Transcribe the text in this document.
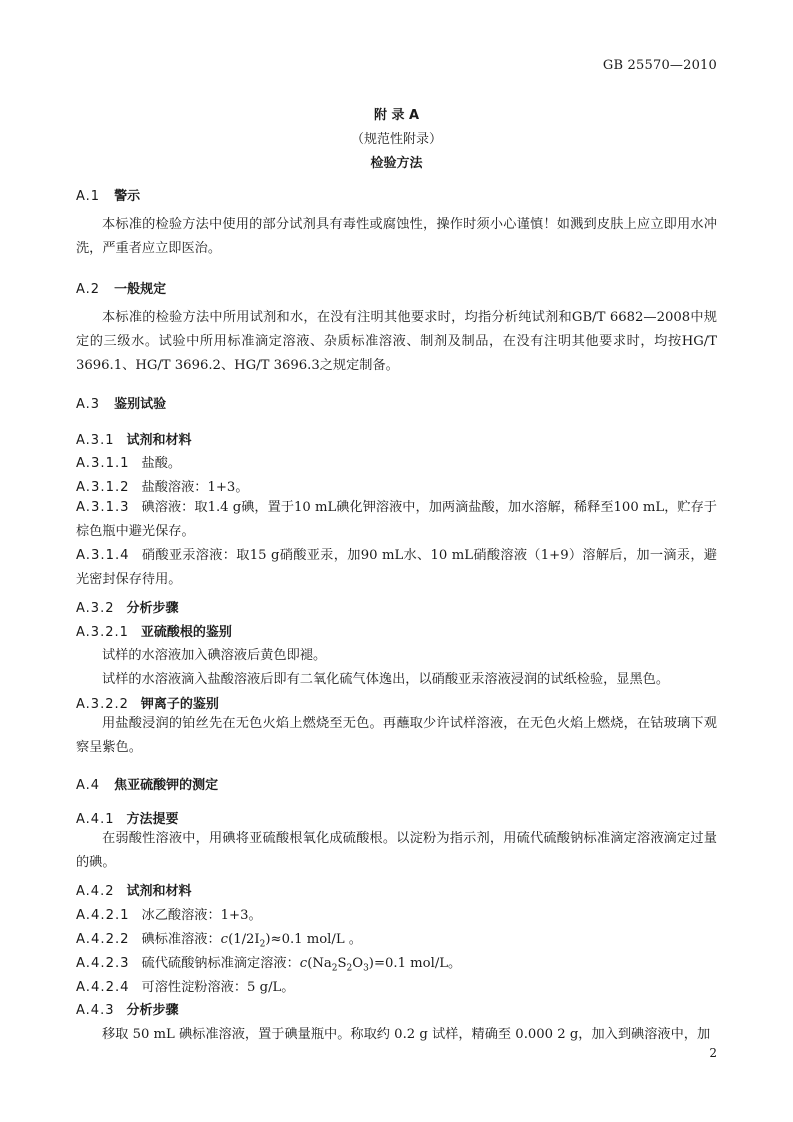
GB 25570—2010
附 录 A
（规范性附录）
检验方法
A.1 警示
本标准的检验方法中使用的部分试剂具有毒性或腐蚀性，操作时须小心谨慎！如溅到皮肤上应立即用水冲洗，严重者应立即医治。
A.2 一般规定
本标准的检验方法中所用试剂和水，在没有注明其他要求时，均指分析纯试剂和GB/T 6682—2008中规定的三级水。试验中所用标准滴定溶液、杂质标准溶液、制剂及制品，在没有注明其他要求时，均按HG/T 3696.1、HG/T 3696.2、HG/T 3696.3之规定制备。
A.3 鉴别试验
A.3.1 试剂和材料
A.3.1.1 盐酸。
A.3.1.2 盐酸溶液：1+3。
A.3.1.3 碘溶液：取1.4 g碘，置于10 mL碘化钾溶液中，加两滴盐酸，加水溶解，稀释至100 mL，贮存于棕色瓶中避光保存。
A.3.1.4 硝酸亚汞溶液：取15 g硝酸亚汞，加90 mL水、10 mL硝酸溶液（1+9）溶解后，加一滴汞，避光密封保存待用。
A.3.2 分析步骤
A.3.2.1 亚硫酸根的鉴别
试样的水溶液加入碘溶液后黄色即褪。
试样的水溶液滴入盐酸溶液后即有二氧化硫气体逸出，以硝酸亚汞溶液浸润的试纸检验，显黑色。
A.3.2.2 钾离子的鉴别
用盐酸浸润的铂丝先在无色火焰上燃烧至无色。再蘸取少许试样溶液，在无色火焰上燃烧，在钴玻璃下观察呈紫色。
A.4 焦亚硫酸钾的测定
A.4.1 方法提要
在弱酸性溶液中，用碘将亚硫酸根氧化成硫酸根。以淀粉为指示剂，用硫代硫酸钠标准滴定溶液滴定过量的碘。
A.4.2 试剂和材料
A.4.2.1 冰乙酸溶液：1+3。
A.4.2.2 碘标准溶液：$c(1/2I_2)\approx 0.1$ mol/L 。
A.4.2.3 硫代硫酸钠标准滴定溶液：$c(Na_2S_2O_3)=0.1$ mol/L。
A.4.2.4 可溶性淀粉溶液：5 g/L。
A.4.3 分析步骤
移取 50 mL 碘标准溶液，置于碘量瓶中。称取约 0.2 g 试样，精确至 0.000 2 g，加入到碘溶液中，加
2
